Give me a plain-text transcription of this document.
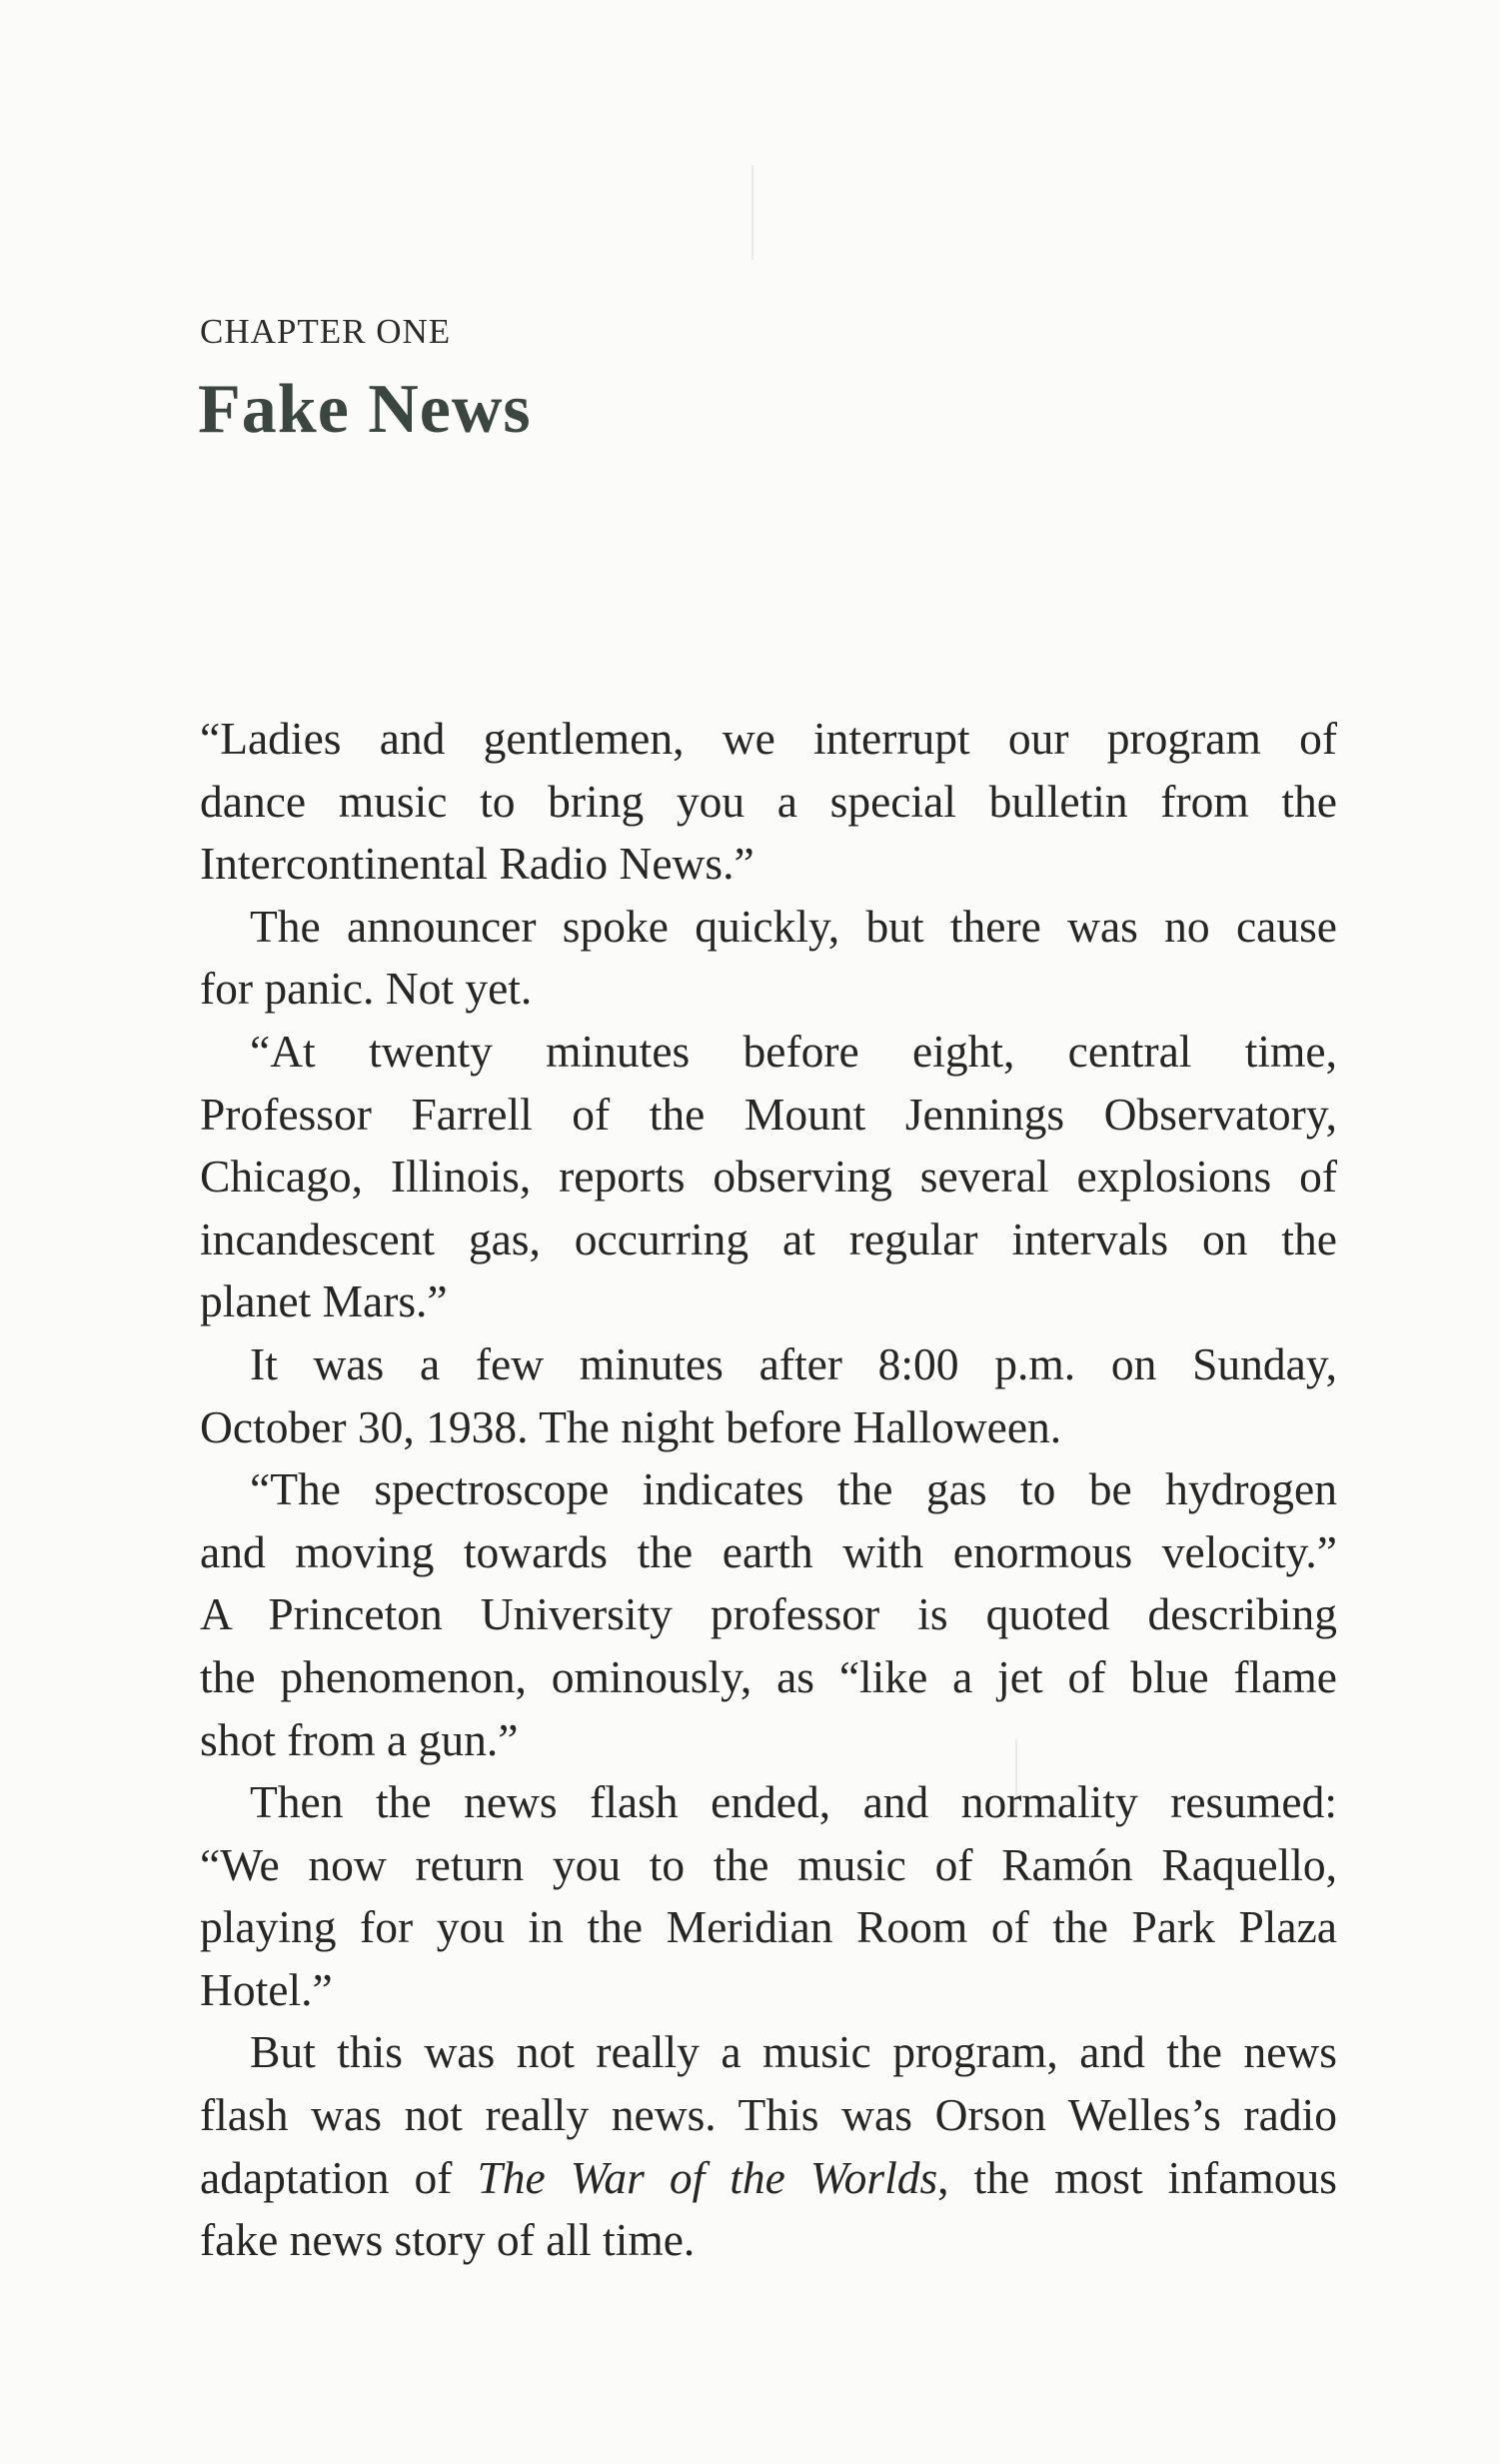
CHAPTER ONE
Fake News
“Ladies and gentlemen, we interrupt our program of
dance music to bring you a special bulletin from the
Intercontinental Radio News.”
The announcer spoke quickly, but there was no cause
for panic. Not yet.
“At twenty minutes before eight, central time,
Professor Farrell of the Mount Jennings Observatory,
Chicago, Illinois, reports observing several explosions of
incandescent gas, occurring at regular intervals on the
planet Mars.”
It was a few minutes after 8:00 p.m. on Sunday,
October 30, 1938. The night before Halloween.
“The spectroscope indicates the gas to be hydrogen
and moving towards the earth with enormous velocity.”
A Princeton University professor is quoted describing
the phenomenon, ominously, as “like a jet of blue flame
shot from a gun.”
Then the news flash ended, and normality resumed:
“We now return you to the music of Ramón Raquello,
playing for you in the Meridian Room of the Park Plaza
Hotel.”
But this was not really a music program, and the news
flash was not really news. This was Orson Welles’s radio
adaptation of The War of the Worlds, the most infamous
fake news story of all time.
